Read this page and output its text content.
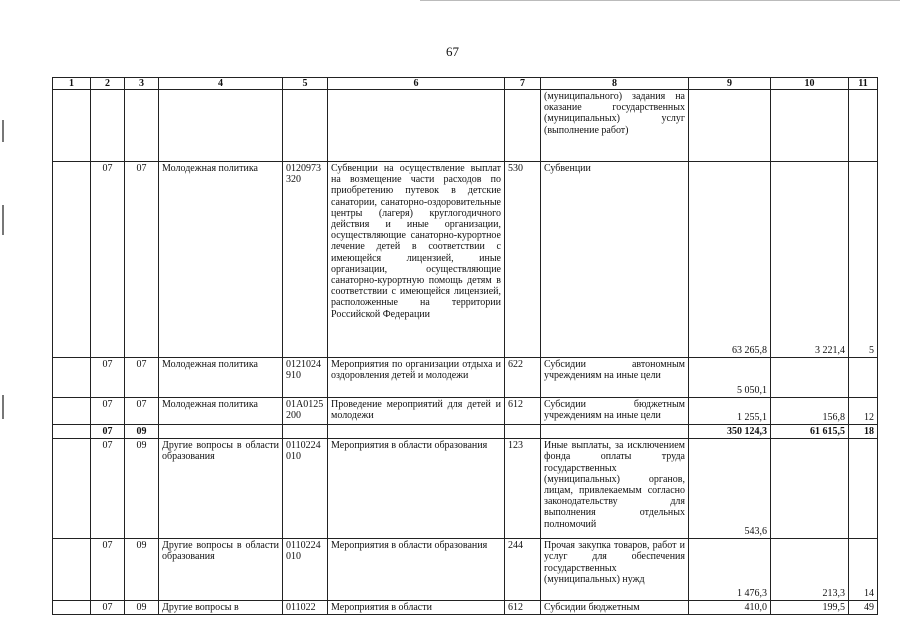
67
1	2	3	4	5	6	7	8	9	10	11
							(муниципального) задания на оказание государственных (муниципальных) услуг (выполнение работ)			
	07	07	Молодежная политика	0120973320	Субвенции на осуществление выплат на возмещение части расходов по приобретению путевок в детские санатории, санаторно-оздоровительные центры (лагеря) круглогодичного действия и иные организации, осуществляющие санаторно-курортное лечение детей в соответствии с имеющейся лицензией, иные организации, осуществляющие санаторно-курортную помощь детям в соответствии с имеющейся лицензией, расположенные на территории Российской Федерации	530	Субвенции	63 265,8	3 221,4	5
	07	07	Молодежная политика	0121024910	Мероприятия по организации отдыха и оздоровления детей и молодежи	622	Субсидии автономным учреждениям на иные цели	5 050,1		
	07	07	Молодежная политика	01А0125200	Проведение мероприятий для детей и молодежи	612	Субсидии бюджетным учреждениям на иные цели	1 255,1	156,8	12
	07	09						350 124,3	61 615,5	18
	07	09	Другие вопросы в области образования	0110224010	Мероприятия в области образования	123	Иные выплаты, за исключением фонда оплаты труда государственных (муниципальных) органов, лицам, привлекаемым согласно законодательству для выполнения отдельных полномочий	543,6		
	07	09	Другие вопросы в области образования	0110224010	Мероприятия в области образования	244	Прочая закупка товаров, работ и услуг для обеспечения государственных (муниципальных) нужд	1 476,3	213,3	14
	07	09	Другие вопросы в	011022	Мероприятия в области	612	Субсидии бюджетным	410,0	199,5	49
